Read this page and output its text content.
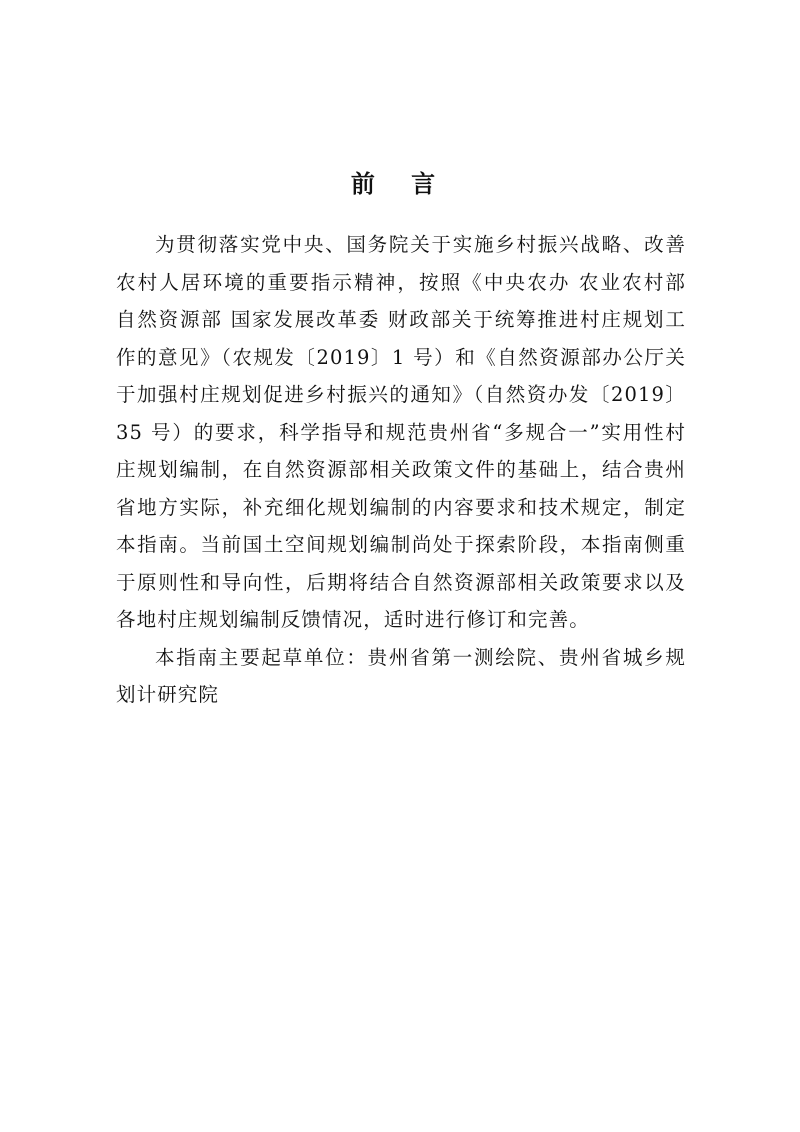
前 言

为贯彻落实党中央、国务院关于实施乡村振兴战略、改善农村人居环境的重要指示精神，按照《中央农办 农业农村部 自然资源部 国家发展改革委 财政部关于统筹推进村庄规划工作的意见》（农规发〔2019〕1 号）和《自然资源部办公厅关于加强村庄规划促进乡村振兴的通知》（自然资办发〔2019〕35 号）的要求，科学指导和规范贵州省“多规合一”实用性村庄规划编制，在自然资源部相关政策文件的基础上，结合贵州省地方实际，补充细化规划编制的内容要求和技术规定，制定本指南。当前国土空间规划编制尚处于探索阶段，本指南侧重于原则性和导向性，后期将结合自然资源部相关政策要求以及各地村庄规划编制反馈情况，适时进行修订和完善。

本指南主要起草单位：贵州省第一测绘院、贵州省城乡规划计研究院
